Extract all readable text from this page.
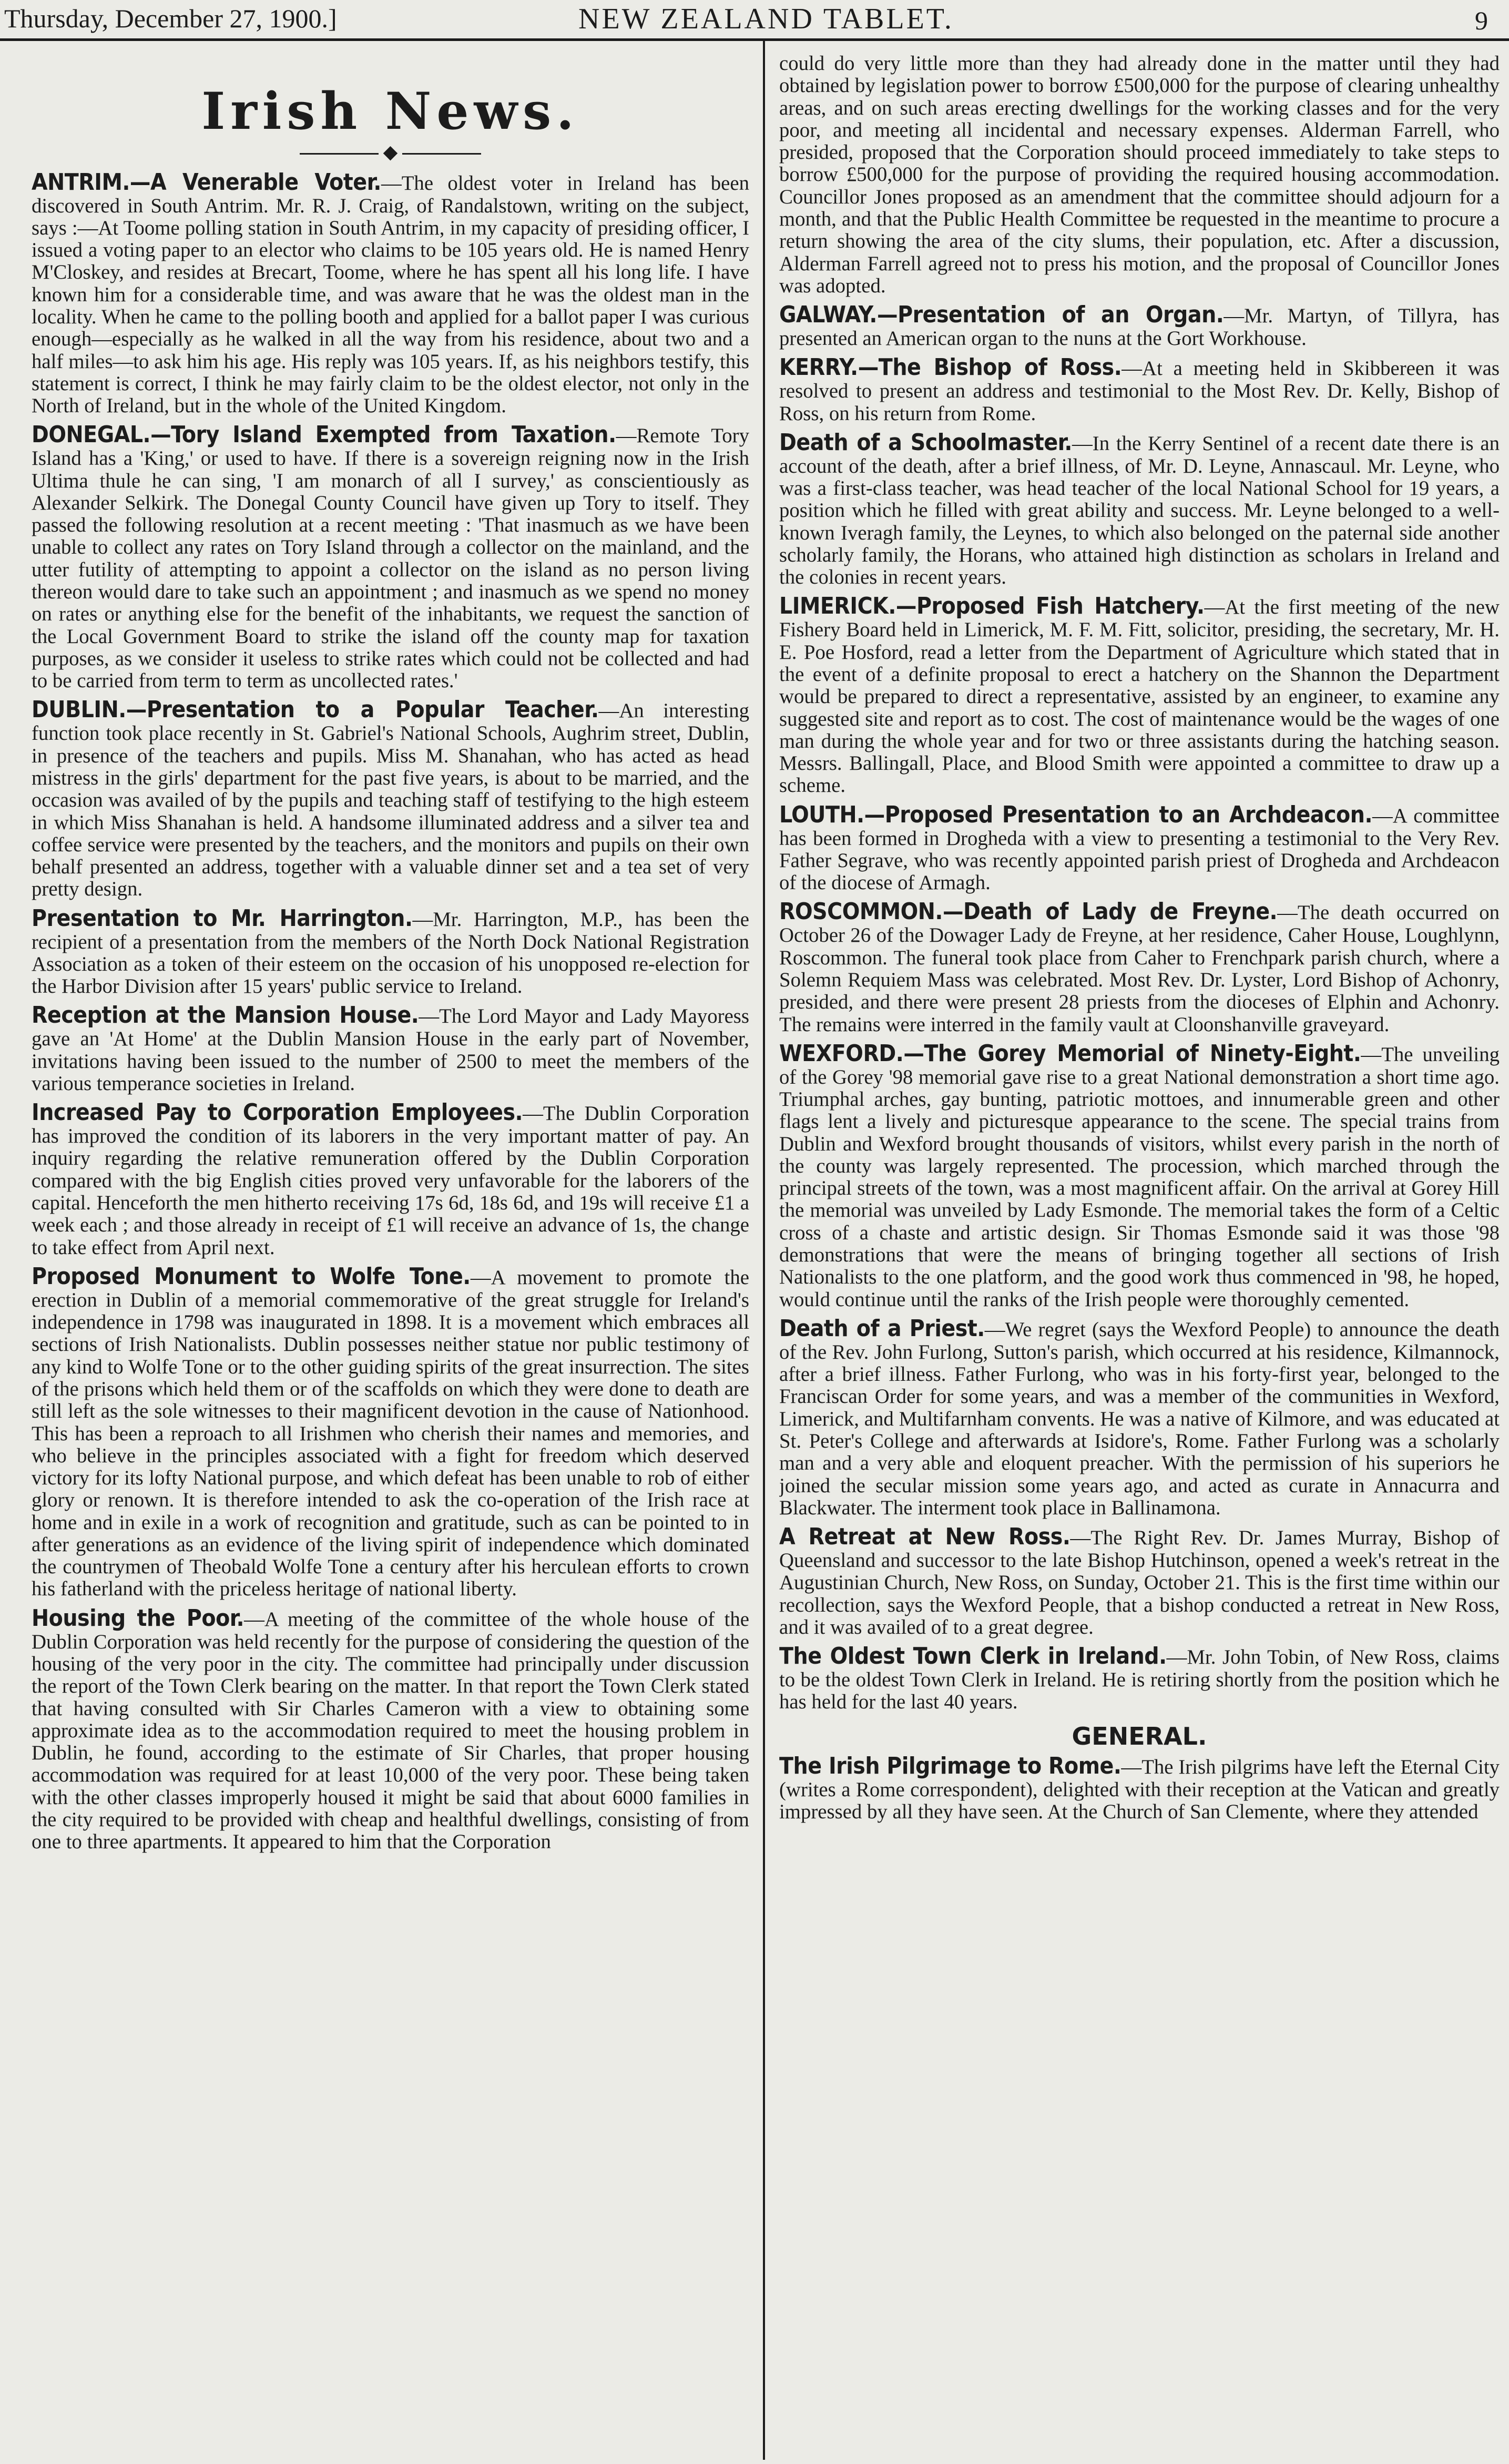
Thursday, December 27, 1900.]	NEW ZEALAND TABLET.	9
Irish News.
◆
ANTRIM.—A Venerable Voter.—The oldest voter in Ireland has been discovered in South Antrim. Mr. R. J. Craig, of Randalstown, writing on the subject, says :—At Toome polling station in South Antrim, in my capacity of presiding officer, I issued a voting paper to an elector who claims to be 105 years old. He is named Henry M'Closkey, and resides at Brecart, Toome, where he has spent all his long life. I have known him for a considerable time, and was aware that he was the oldest man in the locality. When he came to the polling booth and applied for a ballot paper I was curious enough—especially as he walked in all the way from his residence, about two and a half miles—to ask him his age. His reply was 105 years. If, as his neighbors testify, this statement is correct, I think he may fairly claim to be the oldest elector, not only in the North of Ireland, but in the whole of the United Kingdom.
DONEGAL.—Tory Island Exempted from Taxation.—Remote Tory Island has a 'King,' or used to have. If there is a sovereign reigning now in the Irish Ultima thule he can sing, 'I am monarch of all I survey,' as conscientiously as Alexander Selkirk. The Donegal County Council have given up Tory to itself. They passed the following resolution at a recent meeting : 'That inasmuch as we have been unable to collect any rates on Tory Island through a collector on the mainland, and the utter futility of attempting to appoint a collector on the island as no person living thereon would dare to take such an appointment ; and inasmuch as we spend no money on rates or anything else for the benefit of the inhabitants, we request the sanction of the Local Government Board to strike the island off the county map for taxation purposes, as we consider it useless to strike rates which could not be collected and had to be carried from term to term as uncollected rates.'
DUBLIN.—Presentation to a Popular Teacher.—An interesting function took place recently in St. Gabriel's National Schools, Aughrim street, Dublin, in presence of the teachers and pupils. Miss M. Shanahan, who has acted as head mistress in the girls' department for the past five years, is about to be married, and the occasion was availed of by the pupils and teaching staff of testifying to the high esteem in which Miss Shanahan is held. A handsome illuminated address and a silver tea and coffee service were presented by the teachers, and the monitors and pupils on their own behalf presented an address, together with a valuable dinner set and a tea set of very pretty design.
Presentation to Mr. Harrington.—Mr. Harrington, M.P., has been the recipient of a presentation from the members of the North Dock National Registration Association as a token of their esteem on the occasion of his unopposed re-election for the Harbor Division after 15 years' public service to Ireland.
Reception at the Mansion House.—The Lord Mayor and Lady Mayoress gave an 'At Home' at the Dublin Mansion House in the early part of November, invitations having been issued to the number of 2500 to meet the members of the various temperance societies in Ireland.
Increased Pay to Corporation Employees.—The Dublin Corporation has improved the condition of its laborers in the very important matter of pay. An inquiry regarding the relative remuneration offered by the Dublin Corporation compared with the big English cities proved very unfavorable for the laborers of the capital. Henceforth the men hitherto receiving 17s 6d, 18s 6d, and 19s will receive £1 a week each ; and those already in receipt of £1 will receive an advance of 1s, the change to take effect from April next.
Proposed Monument to Wolfe Tone.—A movement to promote the erection in Dublin of a memorial commemorative of the great struggle for Ireland's independence in 1798 was inaugurated in 1898. It is a movement which embraces all sections of Irish Nationalists. Dublin possesses neither statue nor public testimony of any kind to Wolfe Tone or to the other guiding spirits of the great insurrection. The sites of the prisons which held them or of the scaffolds on which they were done to death are still left as the sole witnesses to their magnificent devotion in the cause of Nationhood. This has been a reproach to all Irishmen who cherish their names and memories, and who believe in the principles associated with a fight for freedom which deserved victory for its lofty National purpose, and which defeat has been unable to rob of either glory or renown. It is therefore intended to ask the co-operation of the Irish race at home and in exile in a work of recognition and gratitude, such as can be pointed to in after generations as an evidence of the living spirit of independence which dominated the countrymen of Theobald Wolfe Tone a century after his herculean efforts to crown his fatherland with the priceless heritage of national liberty.
Housing the Poor.—A meeting of the committee of the whole house of the Dublin Corporation was held recently for the purpose of considering the question of the housing of the very poor in the city. The committee had principally under discussion the report of the Town Clerk bearing on the matter. In that report the Town Clerk stated that having consulted with Sir Charles Cameron with a view to obtaining some approximate idea as to the accommodation required to meet the housing problem in Dublin, he found, according to the estimate of Sir Charles, that proper housing accommodation was required for at least 10,000 of the very poor. These being taken with the other classes improperly housed it might be said that about 6000 families in the city required to be provided with cheap and healthful dwellings, consisting of from one to three apartments. It appeared to him that the Corporation
could do very little more than they had already done in the matter until they had obtained by legislation power to borrow £500,000 for the purpose of clearing unhealthy areas, and on such areas erecting dwellings for the working classes and for the very poor, and meeting all incidental and necessary expenses. Alderman Farrell, who presided, proposed that the Corporation should proceed immediately to take steps to borrow £500,000 for the purpose of providing the required housing accommodation. Councillor Jones proposed as an amendment that the committee should adjourn for a month, and that the Public Health Committee be requested in the meantime to procure a return showing the area of the city slums, their population, etc. After a discussion, Alderman Farrell agreed not to press his motion, and the proposal of Councillor Jones was adopted.
GALWAY.—Presentation of an Organ.—Mr. Martyn, of Tillyra, has presented an American organ to the nuns at the Gort Workhouse.
KERRY.—The Bishop of Ross.—At a meeting held in Skibbereen it was resolved to present an address and testimonial to the Most Rev. Dr. Kelly, Bishop of Ross, on his return from Rome.
Death of a Schoolmaster.—In the Kerry Sentinel of a recent date there is an account of the death, after a brief illness, of Mr. D. Leyne, Annascaul. Mr. Leyne, who was a first-class teacher, was head teacher of the local National School for 19 years, a position which he filled with great ability and success. Mr. Leyne belonged to a well-known Iveragh family, the Leynes, to which also belonged on the paternal side another scholarly family, the Horans, who attained high distinction as scholars in Ireland and the colonies in recent years.
LIMERICK.—Proposed Fish Hatchery.—At the first meeting of the new Fishery Board held in Limerick, M. F. M. Fitt, solicitor, presiding, the secretary, Mr. H. E. Poe Hosford, read a letter from the Department of Agriculture which stated that in the event of a definite proposal to erect a hatchery on the Shannon the Department would be prepared to direct a representative, assisted by an engineer, to examine any suggested site and report as to cost. The cost of maintenance would be the wages of one man during the whole year and for two or three assistants during the hatching season. Messrs. Ballingall, Place, and Blood Smith were appointed a committee to draw up a scheme.
LOUTH.—Proposed Presentation to an Archdeacon.—A committee has been formed in Drogheda with a view to presenting a testimonial to the Very Rev. Father Segrave, who was recently appointed parish priest of Drogheda and Archdeacon of the diocese of Armagh.
ROSCOMMON.—Death of Lady de Freyne.—The death occurred on October 26 of the Dowager Lady de Freyne, at her residence, Caher House, Loughlynn, Roscommon. The funeral took place from Caher to Frenchpark parish church, where a Solemn Requiem Mass was celebrated. Most Rev. Dr. Lyster, Lord Bishop of Achonry, presided, and there were present 28 priests from the dioceses of Elphin and Achonry. The remains were interred in the family vault at Cloonshanville graveyard.
WEXFORD.—The Gorey Memorial of Ninety-Eight.—The unveiling of the Gorey '98 memorial gave rise to a great National demonstration a short time ago. Triumphal arches, gay bunting, patriotic mottoes, and innumerable green and other flags lent a lively and picturesque appearance to the scene. The special trains from Dublin and Wexford brought thousands of visitors, whilst every parish in the north of the county was largely represented. The procession, which marched through the principal streets of the town, was a most magnificent affair. On the arrival at Gorey Hill the memorial was unveiled by Lady Esmonde. The memorial takes the form of a Celtic cross of a chaste and artistic design. Sir Thomas Esmonde said it was those '98 demonstrations that were the means of bringing together all sections of Irish Nationalists to the one platform, and the good work thus commenced in '98, he hoped, would continue until the ranks of the Irish people were thoroughly cemented.
Death of a Priest.—We regret (says the Wexford People) to announce the death of the Rev. John Furlong, Sutton's parish, which occurred at his residence, Kilmannock, after a brief illness. Father Furlong, who was in his forty-first year, belonged to the Franciscan Order for some years, and was a member of the communities in Wexford, Limerick, and Multifarnham convents. He was a native of Kilmore, and was educated at St. Peter's College and afterwards at Isidore's, Rome. Father Furlong was a scholarly man and a very able and eloquent preacher. With the permission of his superiors he joined the secular mission some years ago, and acted as curate in Annacurra and Blackwater. The interment took place in Ballinamona.
A Retreat at New Ross.—The Right Rev. Dr. James Murray, Bishop of Queensland and successor to the late Bishop Hutchinson, opened a week's retreat in the Augustinian Church, New Ross, on Sunday, October 21. This is the first time within our recollection, says the Wexford People, that a bishop conducted a retreat in New Ross, and it was availed of to a great degree.
The Oldest Town Clerk in Ireland.—Mr. John Tobin, of New Ross, claims to be the oldest Town Clerk in Ireland. He is retiring shortly from the position which he has held for the last 40 years.
GENERAL.
The Irish Pilgrimage to Rome.—The Irish pilgrims have left the Eternal City (writes a Rome correspondent), delighted with their reception at the Vatican and greatly impressed by all they have seen. At the Church of San Clemente, where they attended
